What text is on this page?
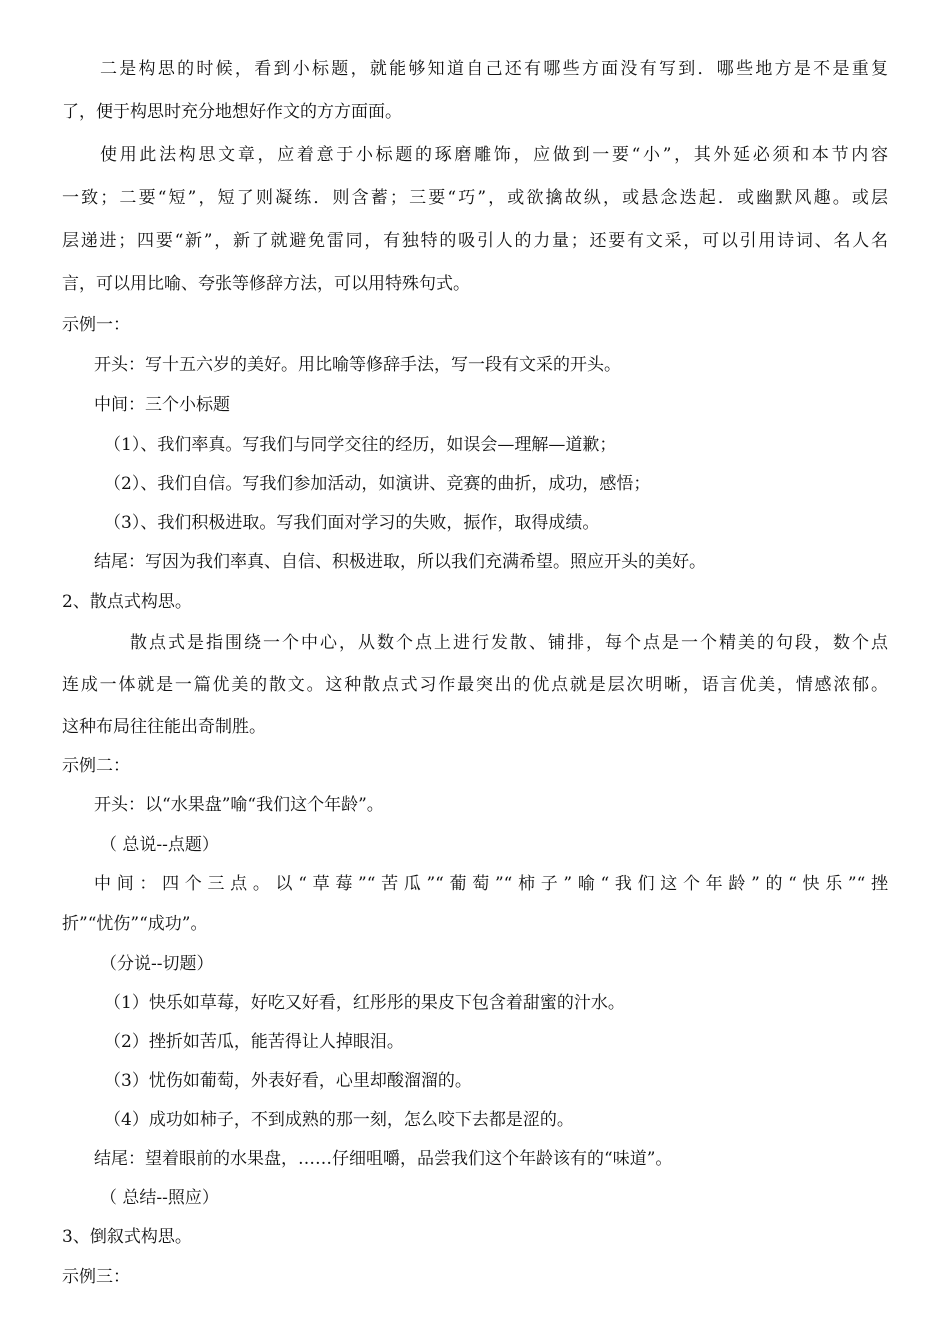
二是构思的时候，看到小标题，就能够知道自己还有哪些方面没有写到．哪些地方是不是重复
了，便于构思时充分地想好作文的方方面面。
使用此法构思文章，应着意于小标题的琢磨雕饰，应做到一要“小”，其外延必须和本节内容
一致；二要“短”，短了则凝练．则含蓄；三要“巧”，或欲擒故纵，或悬念迭起．或幽默风趣。或层
层递进；四要“新”，新了就避免雷同，有独特的吸引人的力量；还要有文采，可以引用诗词、名人名
言，可以用比喻、夸张等修辞方法，可以用特殊句式。
示例一：
开头：写十五六岁的美好。用比喻等修辞手法，写一段有文采的开头。
中间：三个小标题
（1）、我们率真。写我们与同学交往的经历，如误会—理解—道歉；
（2）、我们自信。写我们参加活动，如演讲、竞赛的曲折，成功，感悟；
（3）、我们积极进取。写我们面对学习的失败，振作，取得成绩。
结尾：写因为我们率真、自信、积极进取，所以我们充满希望。照应开头的美好。
2、散点式构思。
散点式是指围绕一个中心，从数个点上进行发散、铺排，每个点是一个精美的句段，数个点
连成一体就是一篇优美的散文。这种散点式习作最突出的优点就是层次明晰，语言优美，情感浓郁。
这种布局往往能出奇制胜。
示例二：
开头：以“水果盘”喻“我们这个年龄”。
（ 总说--点题）
中间：四个三点。以“草莓”“苦瓜”“葡萄”“柿子”喻“我们这个年龄”的“快乐”“挫
折”“忧伤”“成功”。
（分说--切题）
（1）快乐如草莓，好吃又好看，红彤彤的果皮下包含着甜蜜的汁水。
（2）挫折如苦瓜，能苦得让人掉眼泪。
（3）忧伤如葡萄，外表好看，心里却酸溜溜的。
（4）成功如柿子，不到成熟的那一刻，怎么咬下去都是涩的。
结尾：望着眼前的水果盘，……仔细咀嚼，品尝我们这个年龄该有的“味道”。
（ 总结--照应）
3、倒叙式构思。
示例三：
